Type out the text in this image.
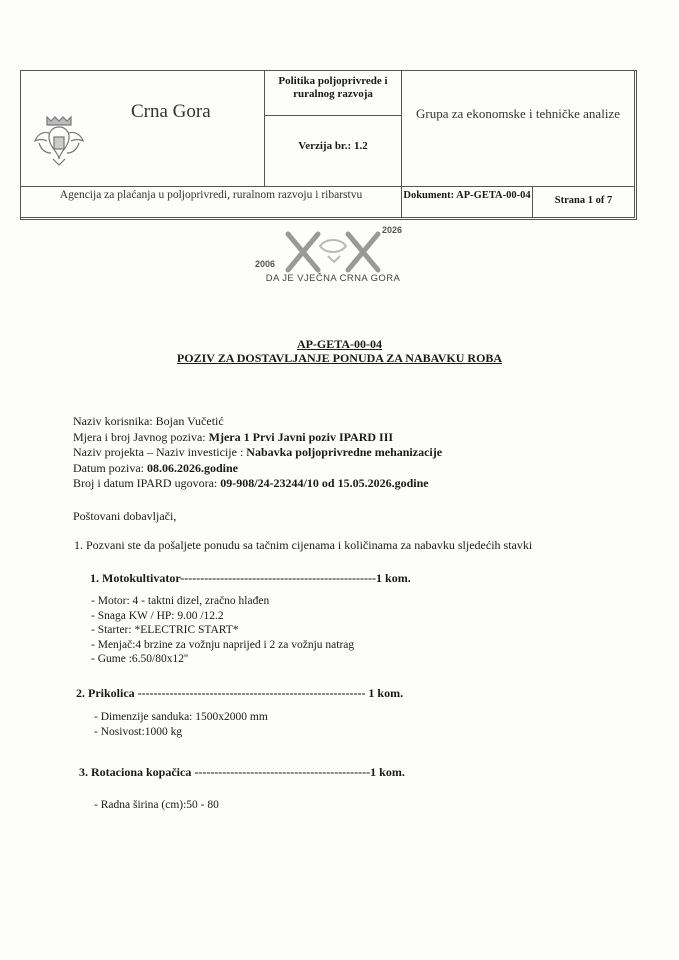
Crna Gora
Politika poljoprivrede i ruralnog razvoja
Verzija br.: 1.2
Grupa za ekonomske i tehničke analize
Agencija za plaćanja u poljoprivredi, ruralnom razvoju i ribarstvu	Dokument: AP-GETA-00-04	Strana 1 of 7
2006
2026
DA JE VJEČNA CRNA GORA
AP-GETA-00-04
POZIV ZA DOSTAVLJANJE PONUDA ZA NABAVKU ROBA
Naziv korisnika: Bojan Vučetić
Mjera i broj Javnog poziva: Mjera 1 Prvi Javni poziv IPARD III
Naziv projekta – Naziv investicije : Nabavka poljoprivredne mehanizacije
Datum poziva: 08.06.2026.godine
Broj i datum IPARD ugovora: 09-908/24-23244/10 od 15.05.2026.godine
Poštovani dobavljači,
1. Pozvani ste da pošaljete ponudu sa tačnim cijenama i količinama za nabavku sljedećih stavki
1. Motokultivator-------------------------------------------------1 kom.
- Motor: 4 - taktni dizel, zračno hlađen
- Snaga KW / HP: 9.00 /12.2
- Starter: *ELECTRIC START*
- Menjač:4 brzine za vožnju naprijed i 2 za vožnju natrag
- Gume :6.50/80x12''
2. Prikolica --------------------------------------------------------- 1 kom.
- Dimenzije sanduka: 1500x2000 mm
- Nosivost:1000 kg
3. Rotaciona kopačica --------------------------------------------1 kom.
- Radna širina (cm):50 - 80
